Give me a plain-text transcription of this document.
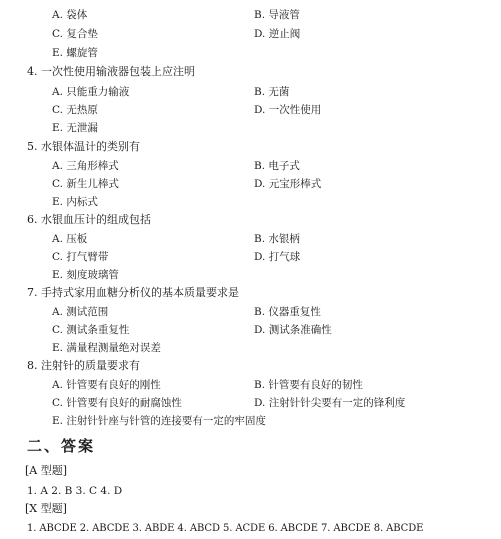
A. 袋体	B. 导液管
C. 复合垫	D. 逆止阀
E. 螺旋管
4. 一次性使用输液器包装上应注明
A. 只能重力输液	B. 无菌
C. 无热原	D. 一次性使用
E. 无泄漏
5. 水银体温计的类别有
A. 三角形棒式	B. 电子式
C. 新生儿棒式	D. 元宝形棒式
E. 内标式
6. 水银血压计的组成包括
A. 压板	B. 水银柄
C. 打气臂带	D. 打气球
E. 刻度玻璃管
7. 手持式家用血糖分析仪的基本质量要求是
A. 测试范围	B. 仪器重复性
C. 测试条重复性	D. 测试条准确性
E. 满量程测量绝对误差
8. 注射针的质量要求有
A. 针管要有良好的刚性	B. 针管要有良好的韧性
C. 针管要有良好的耐腐蚀性	D. 注射针针尖要有一定的锋利度
E. 注射针针座与针管的连接要有一定的牢固度
二、答案
[A 型题]
1. A 2. B 3. C 4. D
[X 型题]
1. ABCDE 2. ABCDE 3. ABDE 4. ABCD 5. ACDE 6. ABCDE 7. ABCDE 8. ABCDE
